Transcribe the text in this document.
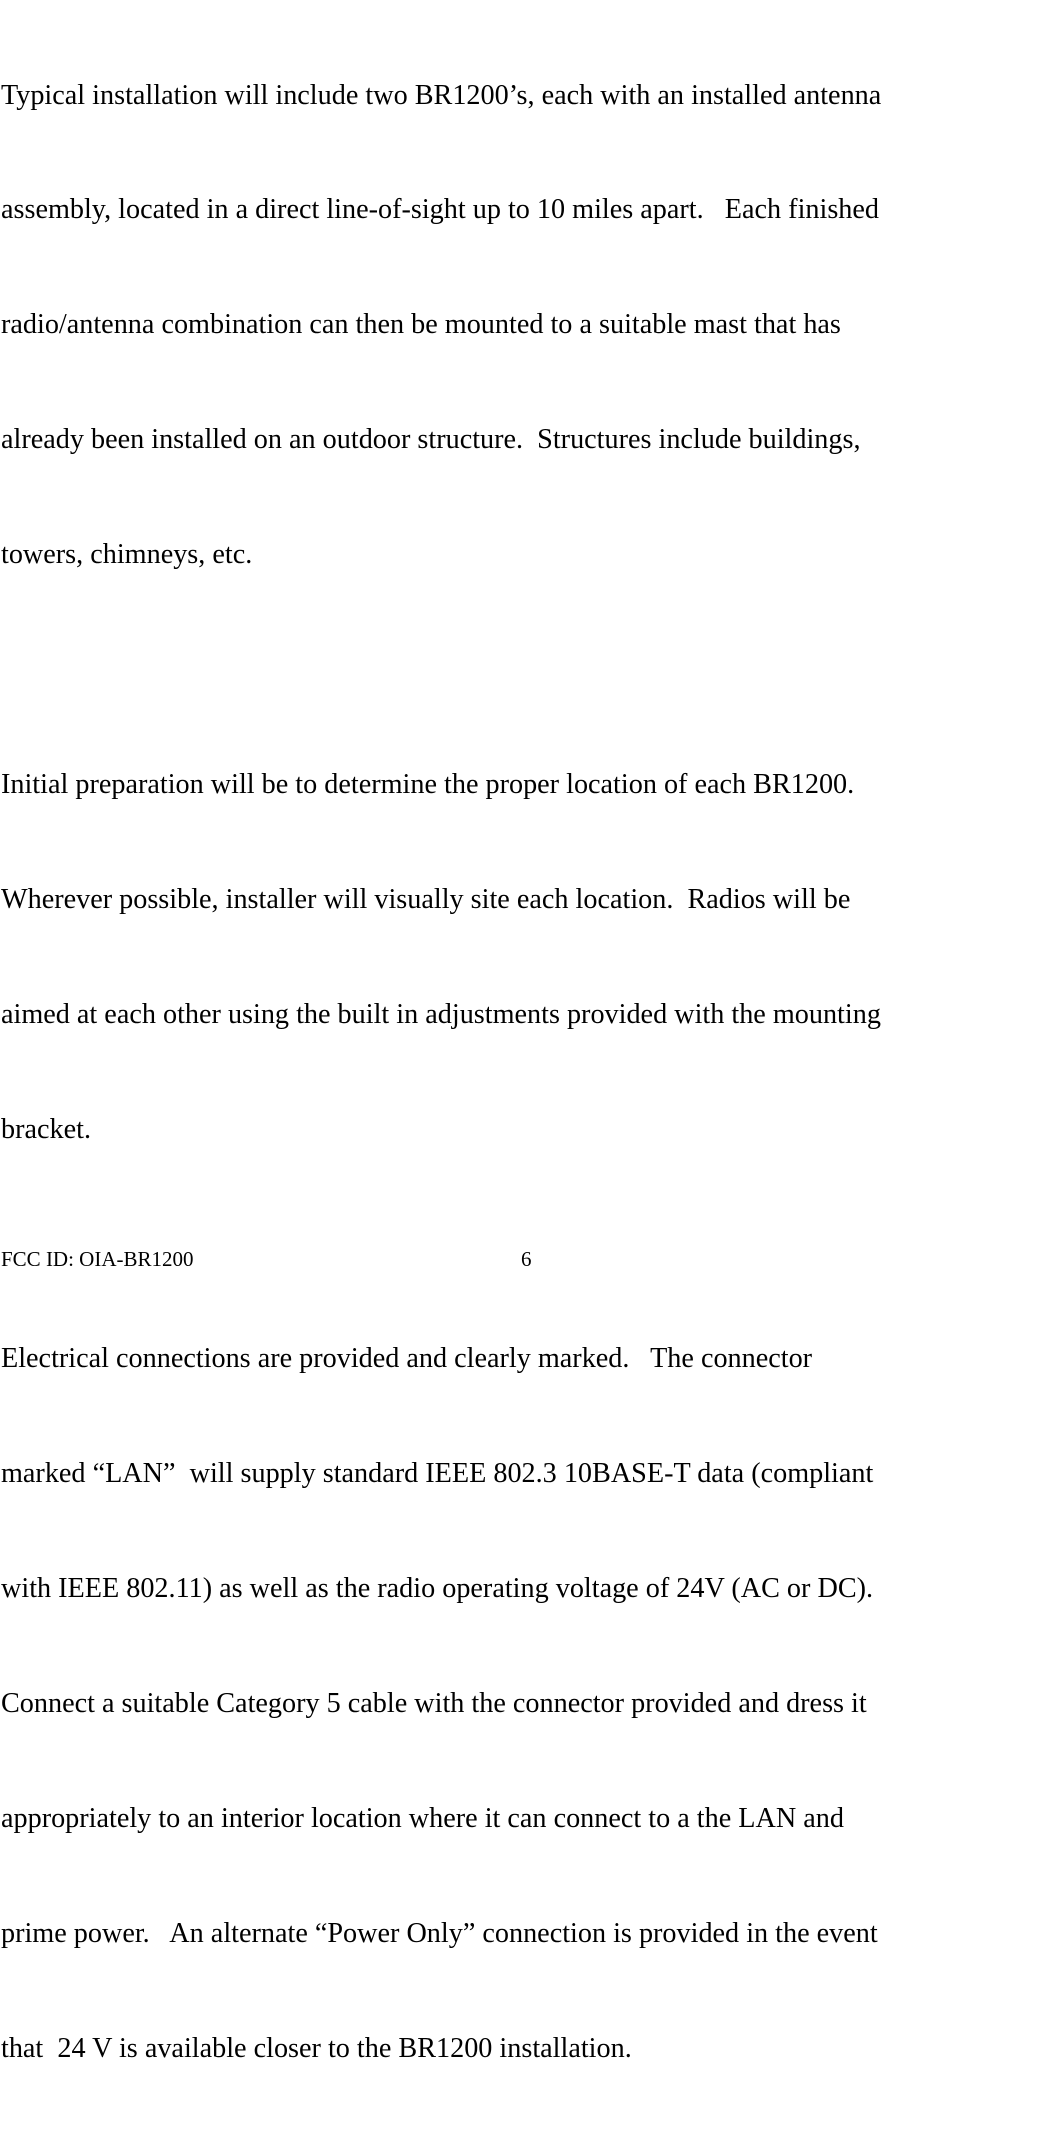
Typical installation will include two BR1200’s, each with an installed antenna

assembly, located in a direct line-of-sight up to 10 miles apart.   Each finished

radio/antenna combination can then be mounted to a suitable mast that has

already been installed on an outdoor structure.  Structures include buildings,

towers, chimneys, etc.

Initial preparation will be to determine the proper location of each BR1200.

Wherever possible, installer will visually site each location.  Radios will be

aimed at each other using the built in adjustments provided with the mounting

bracket.

Electrical connections are provided and clearly marked.   The connector

marked “LAN”  will supply standard IEEE 802.3 10BASE-T data (compliant

with IEEE 802.11) as well as the radio operating voltage of 24V (AC or DC).

Connect a suitable Category 5 cable with the connector provided and dress it

appropriately to an interior location where it can connect to a the LAN and

prime power.   An alternate “Power Only” connection is provided in the event

that  24 V is available closer to the BR1200 installation.

FCC ID: OIA-BR1200	6
